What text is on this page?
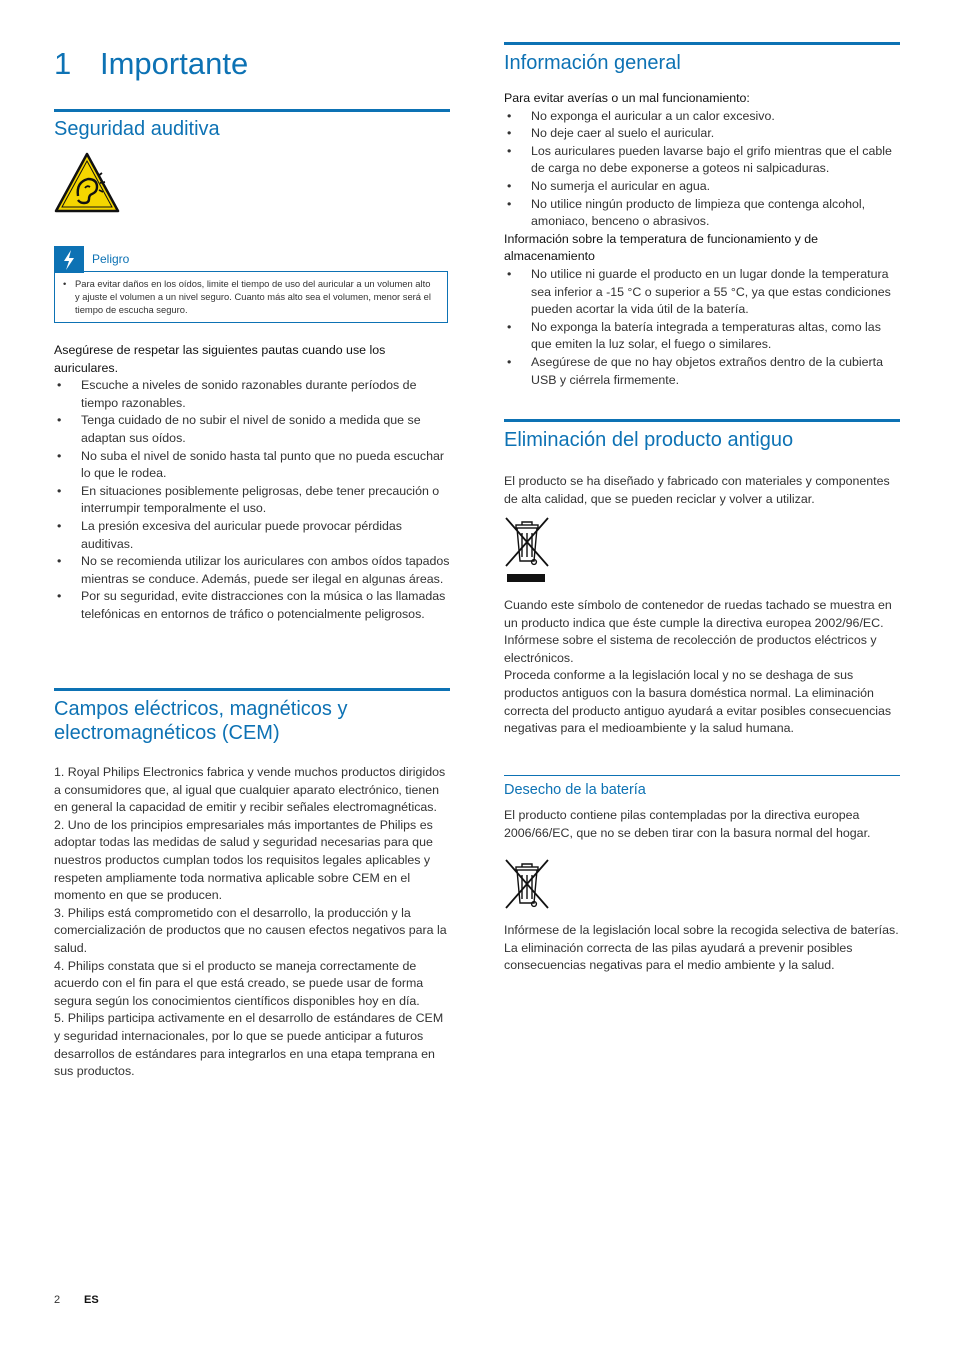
1 Importante
Seguridad auditiva
Peligro
• Para evitar daños en los oídos, limite el tiempo de uso del auricular a un volumen alto y ajuste el volumen a un nivel seguro. Cuanto más alto sea el volumen, menor será el tiempo de escucha seguro.

Asegúrese de respetar las siguientes pautas cuando use los auriculares.

• Escuche a niveles de sonido razonables durante períodos de tiempo razonables.
• Tenga cuidado de no subir el nivel de sonido a medida que se adaptan sus oídos.
• No suba el nivel de sonido hasta tal punto que no pueda escuchar lo que le rodea.
• En situaciones posiblemente peligrosas, debe tener precaución o interrumpir temporalmente el uso.
• La presión excesiva del auricular puede provocar pérdidas auditivas.
• No se recomienda utilizar los auriculares con ambos oídos tapados mientras se conduce. Además, puede ser ilegal en algunas áreas.
• Por su seguridad, evite distracciones con la música o las llamadas telefónicas en entornos de tráfico o potencialmente peligrosos.
Campos eléctricos, magnéticos y
electromagnéticos (CEM)

1. Royal Philips Electronics fabrica y vende muchos productos dirigidos a consumidores que, al igual que cualquier aparato electrónico, tienen en general la capacidad de emitir y recibir señales electromagnéticas.

2. Uno de los principios empresariales más importantes de Philips es adoptar todas las medidas de salud y seguridad necesarias para que nuestros productos cumplan todos los requisitos legales aplicables y respeten ampliamente toda normativa aplicable sobre CEM en el momento en que se producen.

3. Philips está comprometido con el desarrollo, la producción y la comercialización de productos que no causen efectos negativos para la salud.

4. Philips constata que si el producto se maneja correctamente de acuerdo con el fin para el que está creado, se puede usar de forma segura según los conocimientos científicos disponibles hoy en día.

5. Philips participa activamente en el desarrollo de estándares de CEM y seguridad internacionales, por lo que se puede anticipar a futuros desarrollos de estándares para integrarlos en una etapa temprana en sus productos.

Información general

Para evitar averías o un mal funcionamiento:

• No exponga el auricular a un calor excesivo.
• No deje caer al suelo el auricular.
• Los auriculares pueden lavarse bajo el grifo mientras que el cable de carga no debe exponerse a goteos ni salpicaduras.
• No sumerja el auricular en agua.
• No utilice ningún producto de limpieza que contenga alcohol, amoniaco, benceno o abrasivos.

Información sobre la temperatura de funcionamiento y de almacenamiento

• No utilice ni guarde el producto en un lugar donde la temperatura sea inferior a -15 °C o superior a 55 °C, ya que estas condiciones pueden acortar la vida útil de la batería.
• No exponga la batería integrada a temperaturas altas, como las que emiten la luz solar, el fuego o similares.
• Asegúrese de que no hay objetos extraños dentro de la cubierta USB y ciérrela firmemente.
Eliminación del producto antiguo

El producto se ha diseñado y fabricado con materiales y componentes de alta calidad, que se pueden reciclar y volver a utilizar.

Cuando este símbolo de contenedor de ruedas tachado se muestra en un producto indica que éste cumple la directiva europea 2002/96/EC.

Infórmese sobre el sistema de recolección de productos eléctricos y electrónicos.

Proceda conforme a la legislación local y no se deshaga de sus productos antiguos con la basura doméstica normal. La eliminación correcta del producto antiguo ayudará a evitar posibles consecuencias negativas para el medioambiente y la salud humana.

Desecho de la batería

El producto contiene pilas contempladas por la directiva europea 2006/66/EC, que no se deben tirar con la basura normal del hogar.

Infórmese de la legislación local sobre la recogida selectiva de baterías. La eliminación correcta de las pilas ayudará a prevenir posibles consecuencias negativas para el medio ambiente y la salud.

2 ES
